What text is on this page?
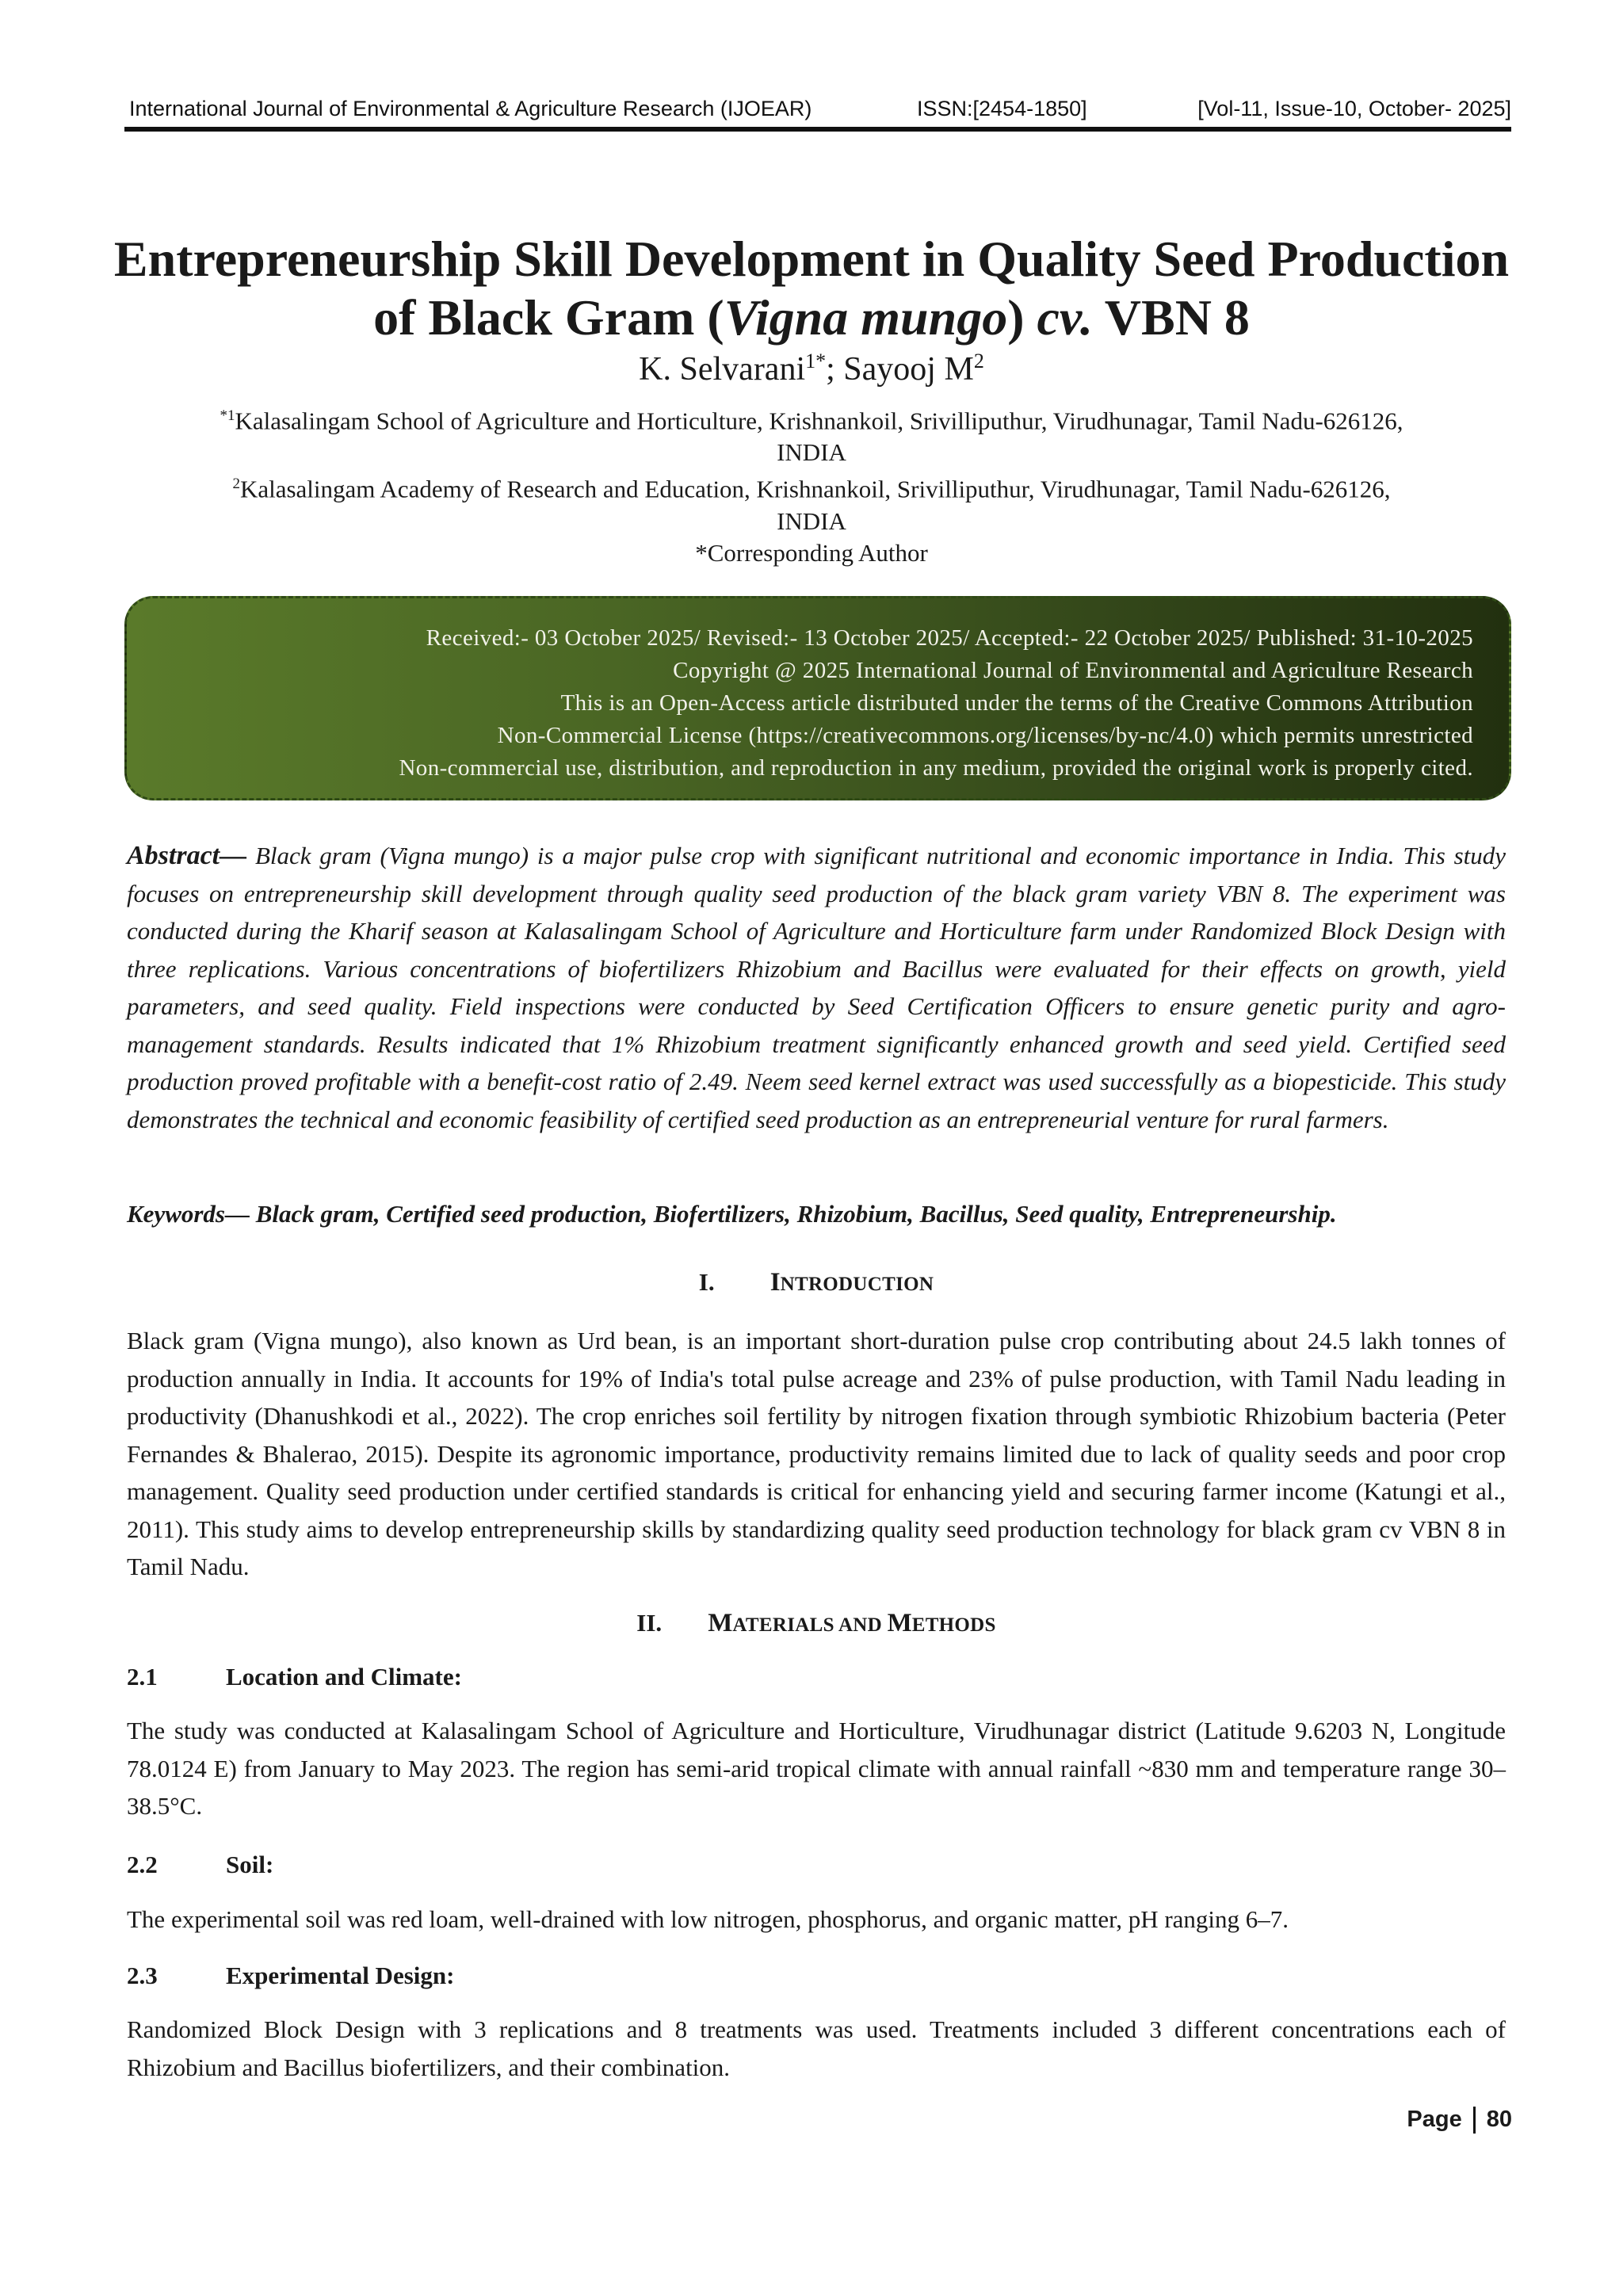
International Journal of Environmental & Agriculture Research (IJOEAR)	ISSN:[2454-1850]	[Vol-11, Issue-10, October- 2025]
Entrepreneurship Skill Development in Quality Seed Production
of Black Gram (Vigna mungo) cv. VBN 8
K. Selvarani$^{1*}$; Sayooj $M^2$
$^{*1}$Kalasalingam School of Agriculture and Horticulture, Krishnankoil, Srivilliputhur, Virudhunagar, Tamil Nadu-626126,
INDIA
$^2$Kalasalingam Academy of Research and Education, Krishnankoil, Srivilliputhur, Virudhunagar, Tamil Nadu-626126,
INDIA
*Corresponding Author
Received:- 03 October 2025/ Revised:- 13 October 2025/ Accepted:- 22 October 2025/ Published: 31-10-2025
Copyright @ 2025 International Journal of Environmental and Agriculture Research
This is an Open-Access article distributed under the terms of the Creative Commons Attribution
Non-Commercial License (https://creativecommons.org/licenses/by-nc/4.0) which permits unrestricted
Non-commercial use, distribution, and reproduction in any medium, provided the original work is properly cited.
Abstract— Black gram (Vigna mungo) is a major pulse crop with significant nutritional and economic importance in India. This study focuses on entrepreneurship skill development through quality seed production of the black gram variety VBN 8. The experiment was conducted during the Kharif season at Kalasalingam School of Agriculture and Horticulture farm under Randomized Block Design with three replications. Various concentrations of biofertilizers Rhizobium and Bacillus were evaluated for their effects on growth, yield parameters, and seed quality. Field inspections were conducted by Seed Certification Officers to ensure genetic purity and agro-management standards. Results indicated that 1% Rhizobium treatment significantly enhanced growth and seed yield. Certified seed production proved profitable with a benefit-cost ratio of 2.49. Neem seed kernel extract was used successfully as a biopesticide. This study demonstrates the technical and economic feasibility of certified seed production as an entrepreneurial venture for rural farmers.
Keywords— Black gram, Certified seed production, Biofertilizers, Rhizobium, Bacillus, Seed quality, Entrepreneurship.
I. INTRODUCTION

Black gram (Vigna mungo), also known as Urd bean, is an important short-duration pulse crop contributing about 24.5 lakh tonnes of production annually in India. It accounts for 19% of India's total pulse acreage and 23% of pulse production, with Tamil Nadu leading in productivity (Dhanushkodi et al., 2022). The crop enriches soil fertility by nitrogen fixation through symbiotic Rhizobium bacteria (Peter Fernandes & Bhalerao, 2015). Despite its agronomic importance, productivity remains limited due to lack of quality seeds and poor crop management. Quality seed production under certified standards is critical for enhancing yield and securing farmer income (Katungi et al., 2011). This study aims to develop entrepreneurship skills by standardizing quality seed production technology for black gram cv VBN 8 in Tamil Nadu.

II. MATERIALS AND METHODS
2.1	Location and Climate:

The study was conducted at Kalasalingam School of Agriculture and Horticulture, Virudhunagar district (Latitude 9.6203 N, Longitude 78.0124 E) from January to May 2023. The region has semi-arid tropical climate with annual rainfall ~830 mm and temperature range 30–38.5°C.

2.2	Soil:

The experimental soil was red loam, well-drained with low nitrogen, phosphorus, and organic matter, pH ranging 6–7.

2.3	Experimental Design:

Randomized Block Design with 3 replications and 8 treatments was used. Treatments included 3 different concentrations each of Rhizobium and Bacillus biofertilizers, and their combination.

Page 80
